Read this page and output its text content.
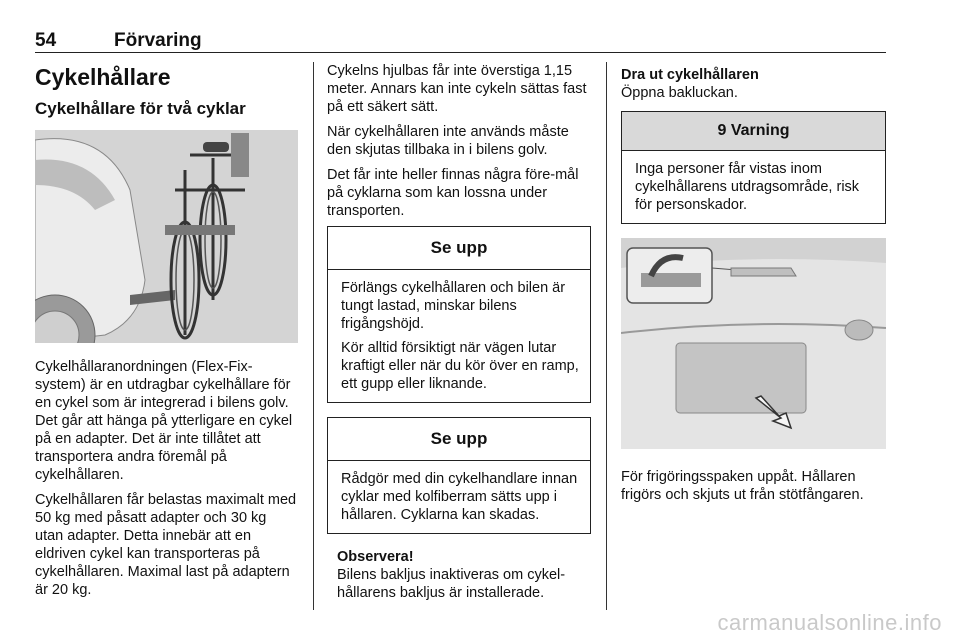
54	Förvaring
Cykelhållare
Cykelhållare för två cyklar

Cykelhållaranordningen (Flex-Fix-system) är en utdragbar cykelhållare för en cykel som är integrerad i bilens golv. Det går att hänga på ytterligare en cykel på en adapter. Det är inte tillåtet att transportera andra föremål på cykelhållaren.

Cykelhållaren får belastas maximalt med 50 kg med påsatt adapter och 30 kg utan adapter. Detta innebär att en eldriven cykel kan transporteras på cykelhållaren. Maximal last på adaptern är 20 kg.

Cykelns hjulbas får inte överstiga 1,15 meter. Annars kan inte cykeln sättas fast på ett säkert sätt.

När cykelhållaren inte används måste den skjutas tillbaka in i bilens golv.

Det får inte heller finnas några före-mål på cyklarna som kan lossna under transporten.

Se upp

Förlängs cykelhållaren och bilen är tungt lastad, minskar bilens frigångshöjd.

Kör alltid försiktigt när vägen lutar kraftigt eller när du kör över en ramp, ett gupp eller liknande.

Se upp

Rådgör med din cykelhandlare innan cyklar med kolfiberram sätts upp i hållaren. Cyklarna kan skadas.

Observera!

Bilens bakljus inaktiveras om cykel-hållarens bakljus är installerade.

Dra ut cykelhållaren

Öppna bakluckan.

9 Varning

Inga personer får vistas inom cykelhållarens utdragsområde, risk för personskador.

För frigöringsspaken uppåt. Hållaren frigörs och skjuts ut från stötfångaren.

carmanualsonline.info
